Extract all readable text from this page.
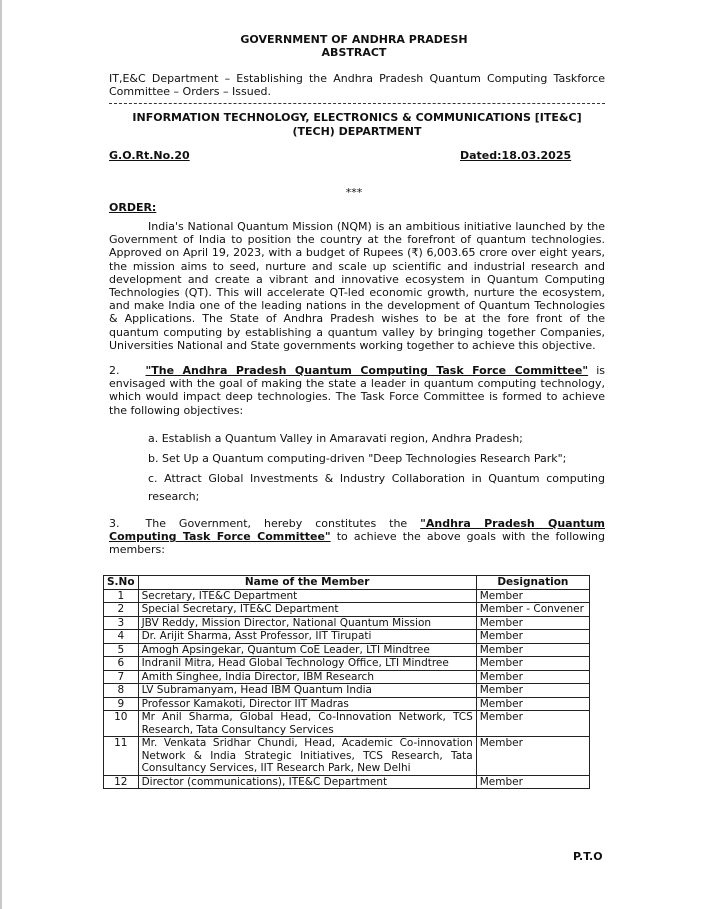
GOVERNMENT OF ANDHRA PRADESH
ABSTRACT
IT,E&C Department – Establishing the Andhra Pradesh Quantum Computing Taskforce Committee – Orders – Issued.
INFORMATION TECHNOLOGY, ELECTRONICS & COMMUNICATIONS [ITE&C]
(TECH) DEPARTMENT
G.O.Rt.No.20	Dated:18.03.2025
***
ORDER:
India's National Quantum Mission (NQM) is an ambitious initiative launched by the Government of India to position the country at the forefront of quantum technologies. Approved on April 19, 2023, with a budget of Rupees (₹) 6,003.65 crore over eight years, the mission aims to seed, nurture and scale up scientific and industrial research and development and create a vibrant and innovative ecosystem in Quantum Computing Technologies (QT). This will accelerate QT-led economic growth, nurture the ecosystem, and make India one of the leading nations in the development of Quantum Technologies & Applications. The State of Andhra Pradesh wishes to be at the fore front of the quantum computing by establishing a quantum valley by bringing together Companies, Universities National and State governments working together to achieve this objective.
2. "The Andhra Pradesh Quantum Computing Task Force Committee" is envisaged with the goal of making the state a leader in quantum computing technology, which would impact deep technologies. The Task Force Committee is formed to achieve the following objectives:
a. Establish a Quantum Valley in Amaravati region, Andhra Pradesh;
b. Set Up a Quantum computing-driven "Deep Technologies Research Park";
c. Attract Global Investments & Industry Collaboration in Quantum computing research;
3. The Government, hereby constitutes the "Andhra Pradesh Quantum Computing Task Force Committee" to achieve the above goals with the following members:
S.No	Name of the Member	Designation
1	Secretary, ITE&C Department	Member
2	Special Secretary, ITE&C Department	Member - Convener
3	JBV Reddy, Mission Director, National Quantum Mission	Member
4	Dr. Arijit Sharma, Asst Professor, IIT Tirupati	Member
5	Amogh Apsingekar, Quantum CoE Leader, LTI Mindtree	Member
6	Indranil Mitra, Head Global Technology Office, LTI Mindtree	Member
7	Amith Singhee, India Director, IBM Research	Member
8	LV Subramanyam, Head IBM Quantum India	Member
9	Professor Kamakoti, Director IIT Madras	Member
10	Mr Anil Sharma, Global Head, Co-Innovation Network, TCS Research, Tata Consultancy Services	Member
11	Mr. Venkata Sridhar Chundi, Head, Academic Co-innovation Network & India Strategic Initiatives, TCS Research, Tata Consultancy Services, IIT Research Park, New Delhi	Member
12	Director (communications), ITE&C Department	Member
P.T.O
